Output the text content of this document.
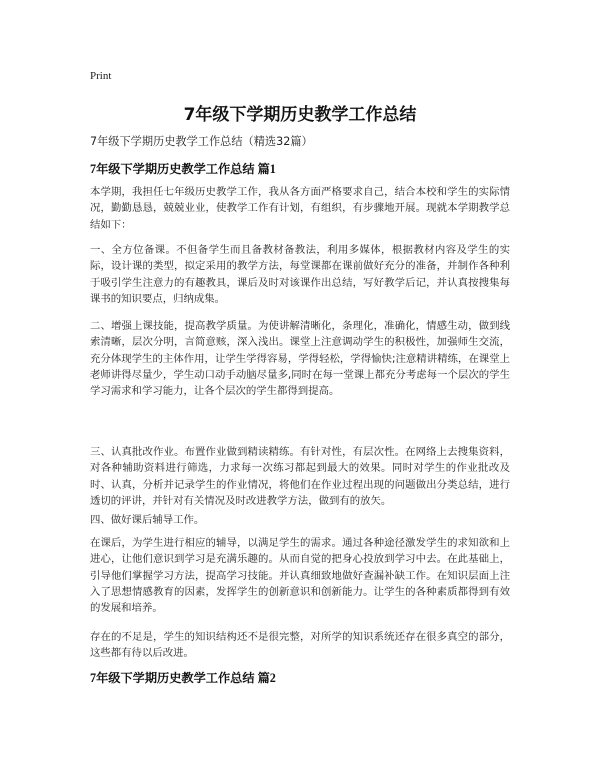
Print
7年级下学期历史教学工作总结
7年级下学期历史教学工作总结（精选32篇）
7年级下学期历史教学工作总结 篇1

本学期，我担任七年级历史教学工作，我从各方面严格要求自己，结合本校和学生的实际情况，勤勤恳恳，兢兢业业，使教学工作有计划，有组织，有步骤地开展。现就本学期教学总结如下：

一、全方位备课。不但备学生而且备教材备教法，利用多媒体，根据教材内容及学生的实际，设计课的类型，拟定采用的教学方法，每堂课都在课前做好充分的准备，并制作各种利于吸引学生注意力的有趣教具，课后及时对该课作出总结，写好教学后记，并认真按搜集每课书的知识要点，归纳成集。

二、增强上课技能，提高教学质量。为使讲解清晰化，条理化，准确化，情感生动，做到线索清晰，层次分明，言简意赅，深入浅出。课堂上注意调动学生的积极性，加强师生交流，充分体现学生的主体作用，让学生学得容易，学得轻松，学得愉快;注意精讲精练，在课堂上老师讲得尽量少，学生动口动手动脑尽量多,同时在每一堂课上都充分考虑每一个层次的学生学习需求和学习能力，让各个层次的学生都得到提高。

三、认真批改作业。布置作业做到精读精练。有针对性，有层次性。在网络上去搜集资料，对各种辅助资料进行筛选，力求每一次练习都起到最大的效果。同时对学生的作业批改及时、认真，分析并记录学生的作业情况，将他们在作业过程出现的问题做出分类总结，进行透切的评讲，并针对有关情况及时改进教学方法，做到有的放矢。

四、做好课后辅导工作。

在课后，为学生进行相应的辅导，以满足学生的需求。通过各种途径激发学生的求知欲和上进心，让他们意识到学习是充满乐趣的。从而自觉的把身心投放到学习中去。在此基础上，引导他们掌握学习方法，提高学习技能。并认真细致地做好查漏补缺工作。在知识层面上注入了思想情感教育的因素，发挥学生的创新意识和创新能力。让学生的各种素质都得到有效的发展和培养。

存在的不足是，学生的知识结构还不是很完整，对所学的知识系统还存在很多真空的部分，这些都有待以后改进。

7年级下学期历史教学工作总结 篇2
